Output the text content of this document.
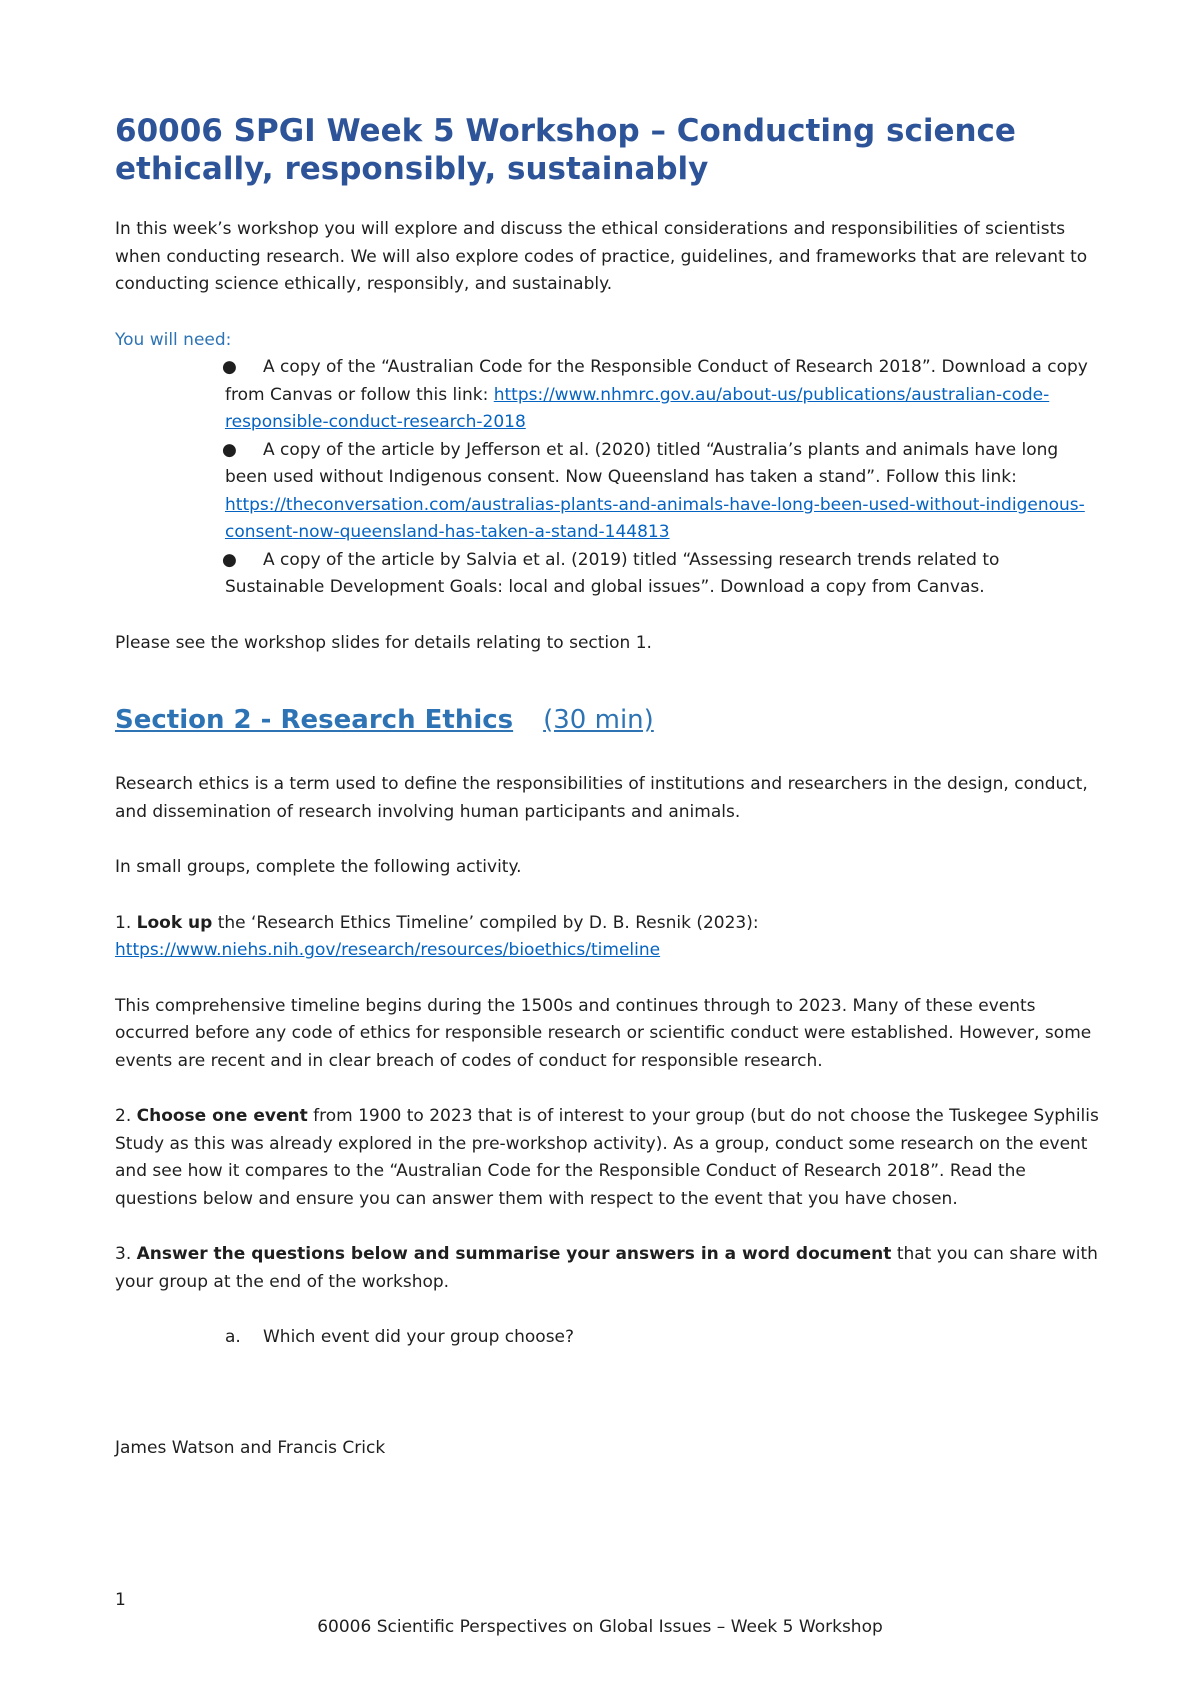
60006 SPGI Week 5 Workshop – Conducting science ethically, responsibly, sustainably

In this week’s workshop you will explore and discuss the ethical considerations and responsibilities of scientists when conducting research. We will also explore codes of practice, guidelines, and frameworks that are relevant to conducting science ethically, responsibly, and sustainably.

You will need:
●	A copy of the “Australian Code for the Responsible Conduct of Research 2018”. Download a copy from Canvas or follow this link: https://www.nhmrc.gov.au/about-us/publications/australian-code-responsible-conduct-research-2018
●	A copy of the article by Jefferson et al. (2020) titled “Australia’s plants and animals have long been used without Indigenous consent. Now Queensland has taken a stand”. Follow this link: https://theconversation.com/australias-plants-and-animals-have-long-been-used-without-indigenous-consent-now-queensland-has-taken-a-stand-144813
●	A copy of the article by Salvia et al. (2019) titled “Assessing research trends related to Sustainable Development Goals: local and global issues”. Download a copy from Canvas.

Please see the workshop slides for details relating to section 1.

Section 2 - Research Ethics (30 min)

Research ethics is a term used to define the responsibilities of institutions and researchers in the design, conduct, and dissemination of research involving human participants and animals.

In small groups, complete the following activity.

1. Look up the ‘Research Ethics Timeline’ compiled by D. B. Resnik (2023):
https://www.niehs.nih.gov/research/resources/bioethics/timeline

This comprehensive timeline begins during the 1500s and continues through to 2023. Many of these events occurred before any code of ethics for responsible research or scientific conduct were established. However, some events are recent and in clear breach of codes of conduct for responsible research.

2. Choose one event from 1900 to 2023 that is of interest to your group (but do not choose the Tuskegee Syphilis Study as this was already explored in the pre-workshop activity). As a group, conduct some research on the event and see how it compares to the “Australian Code for the Responsible Conduct of Research 2018”. Read the questions below and ensure you can answer them with respect to the event that you have chosen.

3. Answer the questions below and summarise your answers in a word document that you can share with your group at the end of the workshop.

a. Which event did your group choose?

James Watson and Francis Crick

1
60006 Scientific Perspectives on Global Issues – Week 5 Workshop
